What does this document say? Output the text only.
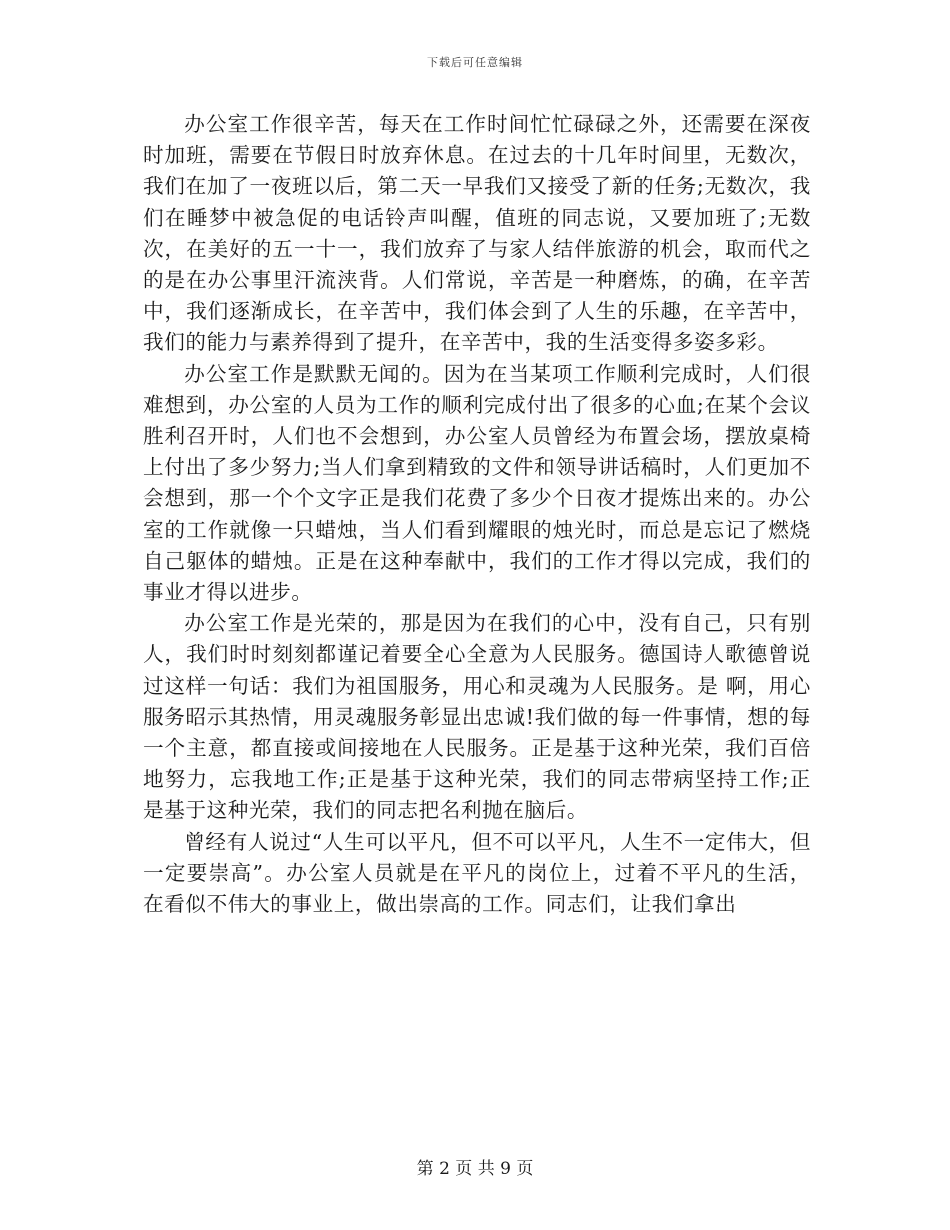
下载后可任意编辑

办公室工作很辛苦，每天在工作时间忙忙碌碌之外，还需要在深夜时加班，需要在节假日时放弃休息。在过去的十几年时间里，无数次，我们在加了一夜班以后，第二天一早我们又接受了新的任务;无数次，我们在睡梦中被急促的电话铃声叫醒，值班的同志说，又要加班了;无数次，在美好的五一十一，我们放弃了与家人结伴旅游的机会，取而代之的是在办公事里汗流浃背。人们常说，辛苦是一种磨炼，的确，在辛苦中，我们逐渐成长，在辛苦中，我们体会到了人生的乐趣，在辛苦中，我们的能力与素养得到了提升，在辛苦中，我的生活变得多姿多彩。

办公室工作是默默无闻的。因为在当某项工作顺利完成时，人们很难想到，办公室的人员为工作的顺利完成付出了很多的心血;在某个会议胜利召开时，人们也不会想到，办公室人员曾经为布置会场，摆放桌椅上付出了多少努力;当人们拿到精致的文件和领导讲话稿时，人们更加不会想到，那一个个文字正是我们花费了多少个日夜才提炼出来的。办公室的工作就像一只蜡烛，当人们看到耀眼的烛光时，而总是忘记了燃烧自己躯体的蜡烛。正是在这种奉献中，我们的工作才得以完成，我们的事业才得以进步。

办公室工作是光荣的，那是因为在我们的心中，没有自己，只有别人，我们时时刻刻都谨记着要全心全意为人民服务。德国诗人歌德曾说过这样一句话：我们为祖国服务，用心和灵魂为人民服务。是 啊，用心服务昭示其热情，用灵魂服务彰显出忠诚!我们做的每一件事情，想的每一个主意，都直接或间接地在人民服务。正是基于这种光荣，我们百倍地努力，忘我地工作;正是基于这种光荣，我们的同志带病坚持工作;正是基于这种光荣，我们的同志把名利抛在脑后。

曾经有人说过“人生可以平凡，但不可以平凡，人生不一定伟大，但一定要崇高”。办公室人员就是在平凡的岗位上，过着不平凡的生活，在看似不伟大的事业上，做出崇高的工作。同志们，让我们拿出

第 2 页 共 9 页
